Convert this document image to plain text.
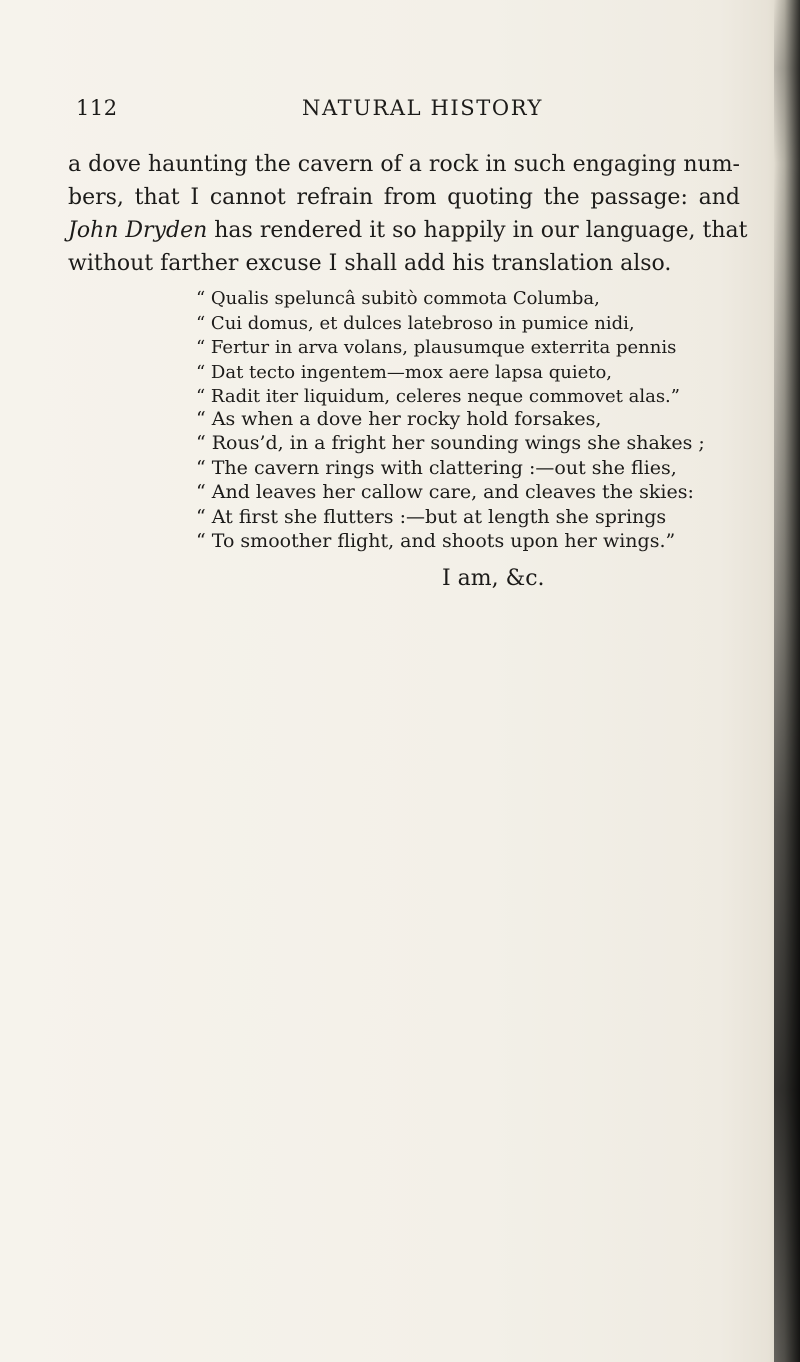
112	NATURAL HISTORY
a dove haunting the cavern of a rock in such engaging num-
bers, that I cannot refrain from quoting the passage: and
John Dryden has rendered it so happily in our language, that
without farther excuse I shall add his translation also.
“ Qualis speluncâ subitò commota Columba,
“ Cui domus, et dulces latebroso in pumice nidi,
“ Fertur in arva volans, plausumque exterrita pennis
“ Dat tecto ingentem—mox aere lapsa quieto,
“ Radit iter liquidum, celeres neque commovet alas.”
“ As when a dove her rocky hold forsakes,
“ Rous’d, in a fright her sounding wings she shakes ;
“ The cavern rings with clattering :—out she flies,
“ And leaves her callow care, and cleaves the skies:
“ At first she flutters :—but at length she springs
“ To smoother flight, and shoots upon her wings.”
I am, &c.
